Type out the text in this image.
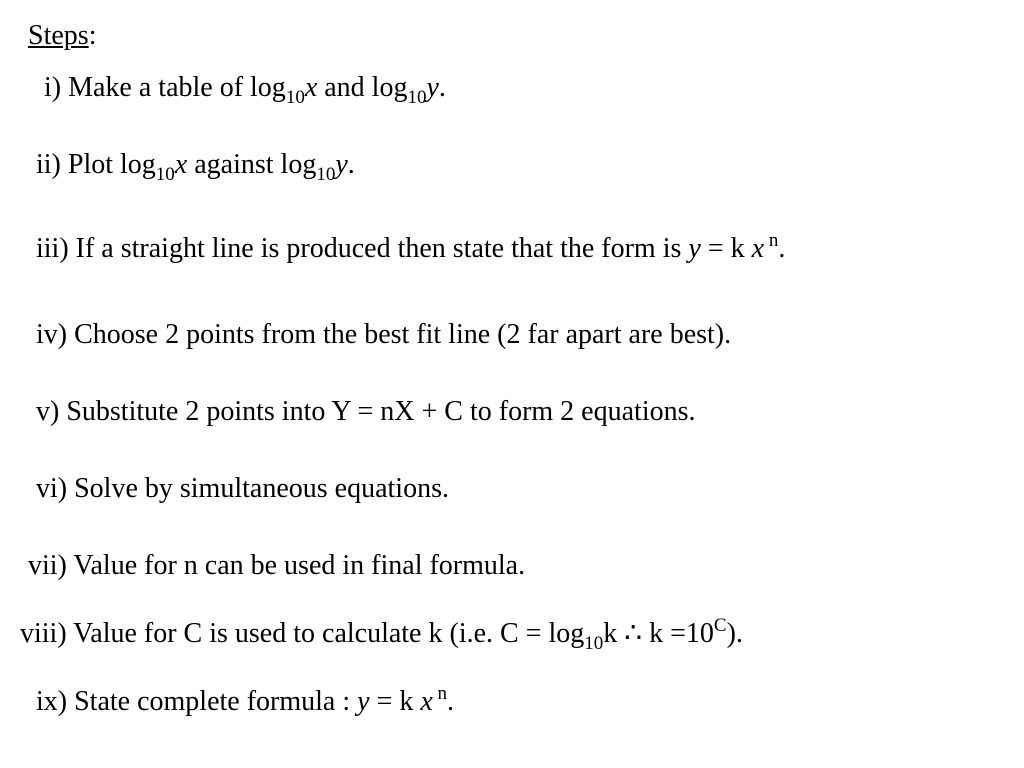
Steps:
i) Make a table of $\log_{10}x$ and $\log_{10}y$.
ii) Plot $\log_{10}x$ against $\log_{10}y$.
iii) If a straight line is produced then state that the form is y = k x $^n$.
iv) Choose 2 points from the best fit line (2 far apart are best).
v) Substitute 2 points into Y = nX + C to form 2 equations.
vi) Solve by simultaneous equations.
vii) Value for n can be used in final formula.
viii) Value for C is used to calculate k (i.e. $C = \log_{10}k$ ∴ $k =10^C$).
ix) State complete formula : y = k x $^n$.
